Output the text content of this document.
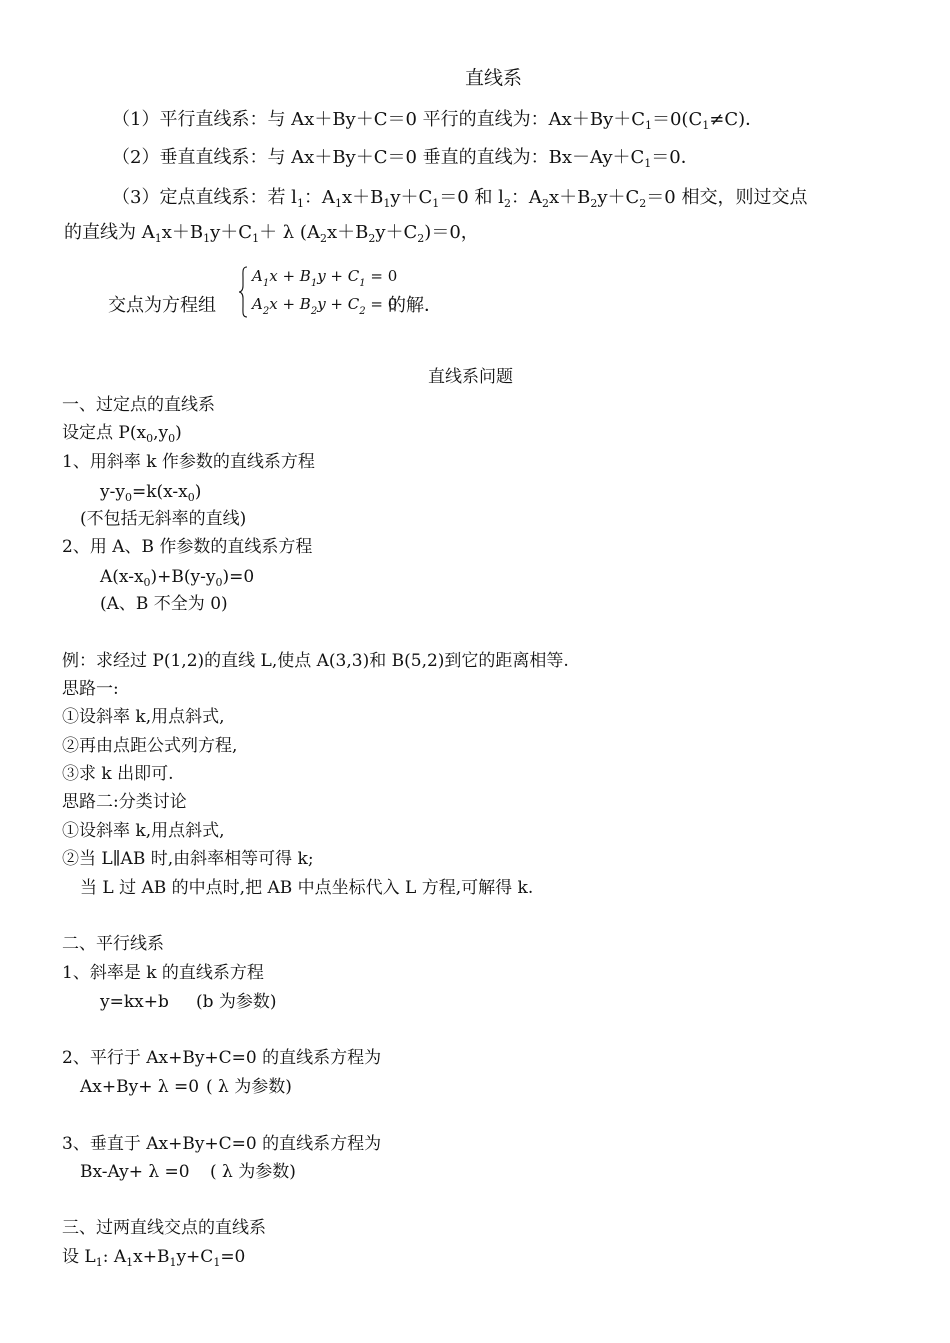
直线系
（1）平行直线系：与 Ax＋By＋C＝0 平行的直线为：$Ax+By+C_1=0(C_1\ne C)$．
（2）垂直直线系：与 Ax＋By＋C＝0 垂直的直线为：$Bx-Ay+C_1=0$．
（3）定点直线系：若 $l_1$：$A_1x+B_1y+C_1=0$ 和 $l_2$：$A_2x+B_2y+C_2=0$ 相交，则过交点
的直线为 $A_1x+B_1y+C_1+ \lambda$ $(A_2x+B_2y+C_2)=0$，
交点为方程组
$A_1x + B_1y + C_1 = 0$
$A_2x + B_2y + C_2 = 0$
的解．
直线系问题
一、过定点的直线系
设定点 $P(x_0,y_0)$
1、用斜率 k 作参数的直线系方程
$y-y_0=k(x-x_0)$
(不包括无斜率的直线)
2、用 A、B 作参数的直线系方程
$A(x-x_0)+B(y-y_0)=0$
(A、B 不全为 0)
例：求经过 P(1,2)的直线 L,使点 A(3,3)和 B(5,2)到它的距离相等.
思路一:
①设斜率 k,用点斜式,
②再由点距公式列方程,
③求 k 出即可.
思路二:分类讨论
①设斜率 k,用点斜式,
②当 L∥AB 时,由斜率相等可得 k;
当 L 过 AB 的中点时,把 AB 中点坐标代入 L 方程,可解得 k.
二、平行线系
1、斜率是 k 的直线系方程
y=kx+b (b 为参数)
2、平行于 Ax+By+C=0 的直线系方程为
Ax+By+ λ =0 ( λ 为参数)
3、垂直于 Ax+By+C=0 的直线系方程为
Bx-Ay+ λ =0 ( λ 为参数)
三、过两直线交点的直线系
设 $L_1$: $A_1x+B_1y+C_1=0$
